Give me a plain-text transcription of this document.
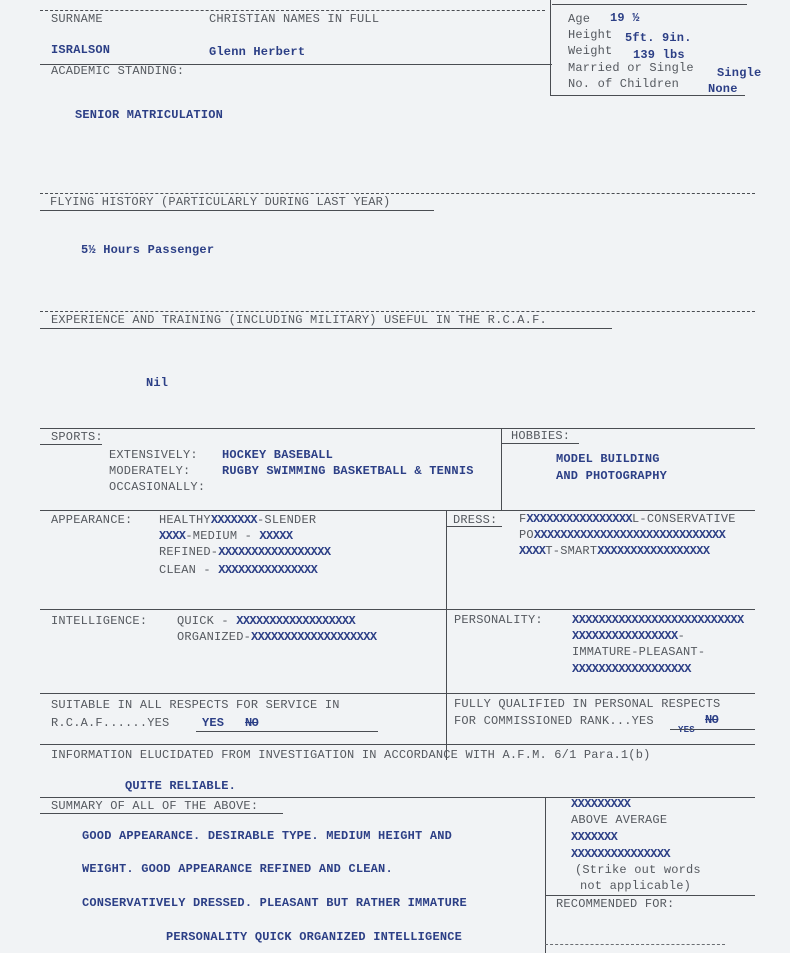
SURNAME	CHRISTIAN NAMES IN FULL
ISRALSON	Glenn Herbert
Age 19 ½
Height 5ft. 9in.
Weight 139 lbs
Married or Single Single
No. of Children None
ACADEMIC STANDING:
SENIOR MATRICULATION
FLYING HISTORY (PARTICULARLY DURING LAST YEAR)
5½ Hours Passenger
EXPERIENCE AND TRAINING (INCLUDING MILITARY) USEFUL IN THE R.C.A.F.
Nil
SPORTS:
EXTENSIVELY: HOCKEY BASEBALL
MODERATELY:	RUGBY SWIMMING BASKETBALL & TENNIS
OCCASIONALLY:
HOBBIES:
MODEL BUILDING
AND PHOTOGRAPHY
APPEARANCE: HEALTHYXXXXXXX-SLENDER
XXXX-MEDIUM - XXXXX
REFINED-XXXXXXXXXXXXXXXXX
CLEAN - XXXXXXXXXXXXXXX
DRESS: FXXXXXXXXXXXXXXXXL-CONSERVATIVE
POXXXXXXXXXXXXXXXXXXXXXXXXXXXXX
XXXXT-SMARTXXXXXXXXXXXXXXXXX
INTELLIGENCE: QUICK - XXXXXXXXXXXXXXXXXX
ORGANIZED-XXXXXXXXXXXXXXXXXXX
PERSONALITY: XXXXXXXXXXXXXXXXXXXXXXXXXX
XXXXXXXXXXXXXXXX-
IMMATURE-PLEASANT-
XXXXXXXXXXXXXXXXXX
SUITABLE IN ALL RESPECTS FOR SERVICE IN
R.C.A.F......YES	YES NO
FULLY QUALIFIED IN PERSONAL RESPECTS
FOR COMMISSIONED RANK...YES	NO
YES
INFORMATION ELUCIDATED FROM INVESTIGATION IN ACCORDANCE WITH A.F.M. 6/1 Para.1(b)
QUITE RELIABLE.
SUMMARY OF ALL OF THE ABOVE:
GOOD APPEARANCE. DESIRABLE TYPE. MEDIUM HEIGHT AND
WEIGHT. GOOD APPEARANCE REFINED AND CLEAN.
CONSERVATIVELY DRESSED. PLEASANT BUT RATHER IMMATURE
PERSONALITY QUICK ORGANIZED INTELLIGENCE
XXXXXXXXX
ABOVE AVERAGE
XXXXXXX
XXXXXXXXXXXXXXX
(Strike out words
not applicable)
RECOMMENDED FOR:
